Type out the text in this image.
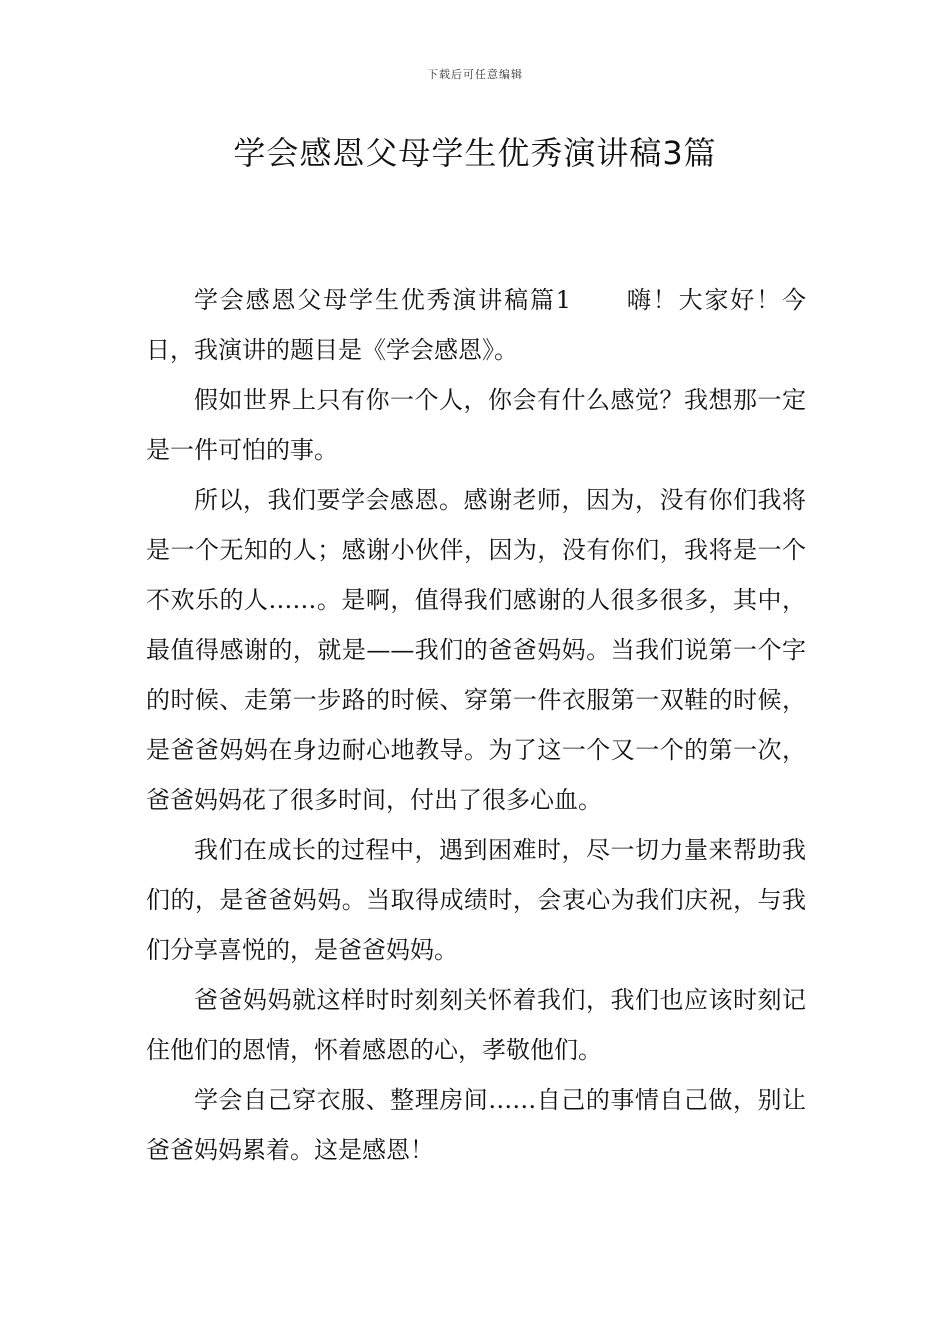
下载后可任意编辑
学会感恩父母学生优秀演讲稿3篇

学会感恩父母学生优秀演讲稿篇1 嗨！大家好！今日，我演讲的题目是《学会感恩》。

假如世界上只有你一个人，你会有什么感觉？我想那一定是一件可怕的事。

所以，我们要学会感恩。感谢老师，因为，没有你们我将是一个无知的人；感谢小伙伴，因为，没有你们，我将是一个不欢乐的人……。是啊，值得我们感谢的人很多很多，其中，最值得感谢的，就是——我们的爸爸妈妈。当我们说第一个字的时候、走第一步路的时候、穿第一件衣服第一双鞋的时候，是爸爸妈妈在身边耐心地教导。为了这一个又一个的第一次，爸爸妈妈花了很多时间，付出了很多心血。

我们在成长的过程中，遇到困难时，尽一切力量来帮助我们的，是爸爸妈妈。当取得成绩时，会衷心为我们庆祝，与我们分享喜悦的，是爸爸妈妈。

爸爸妈妈就这样时时刻刻关怀着我们，我们也应该时刻记住他们的恩情，怀着感恩的心，孝敬他们。

学会自己穿衣服、整理房间……自己的事情自己做，别让爸爸妈妈累着。这是感恩！
